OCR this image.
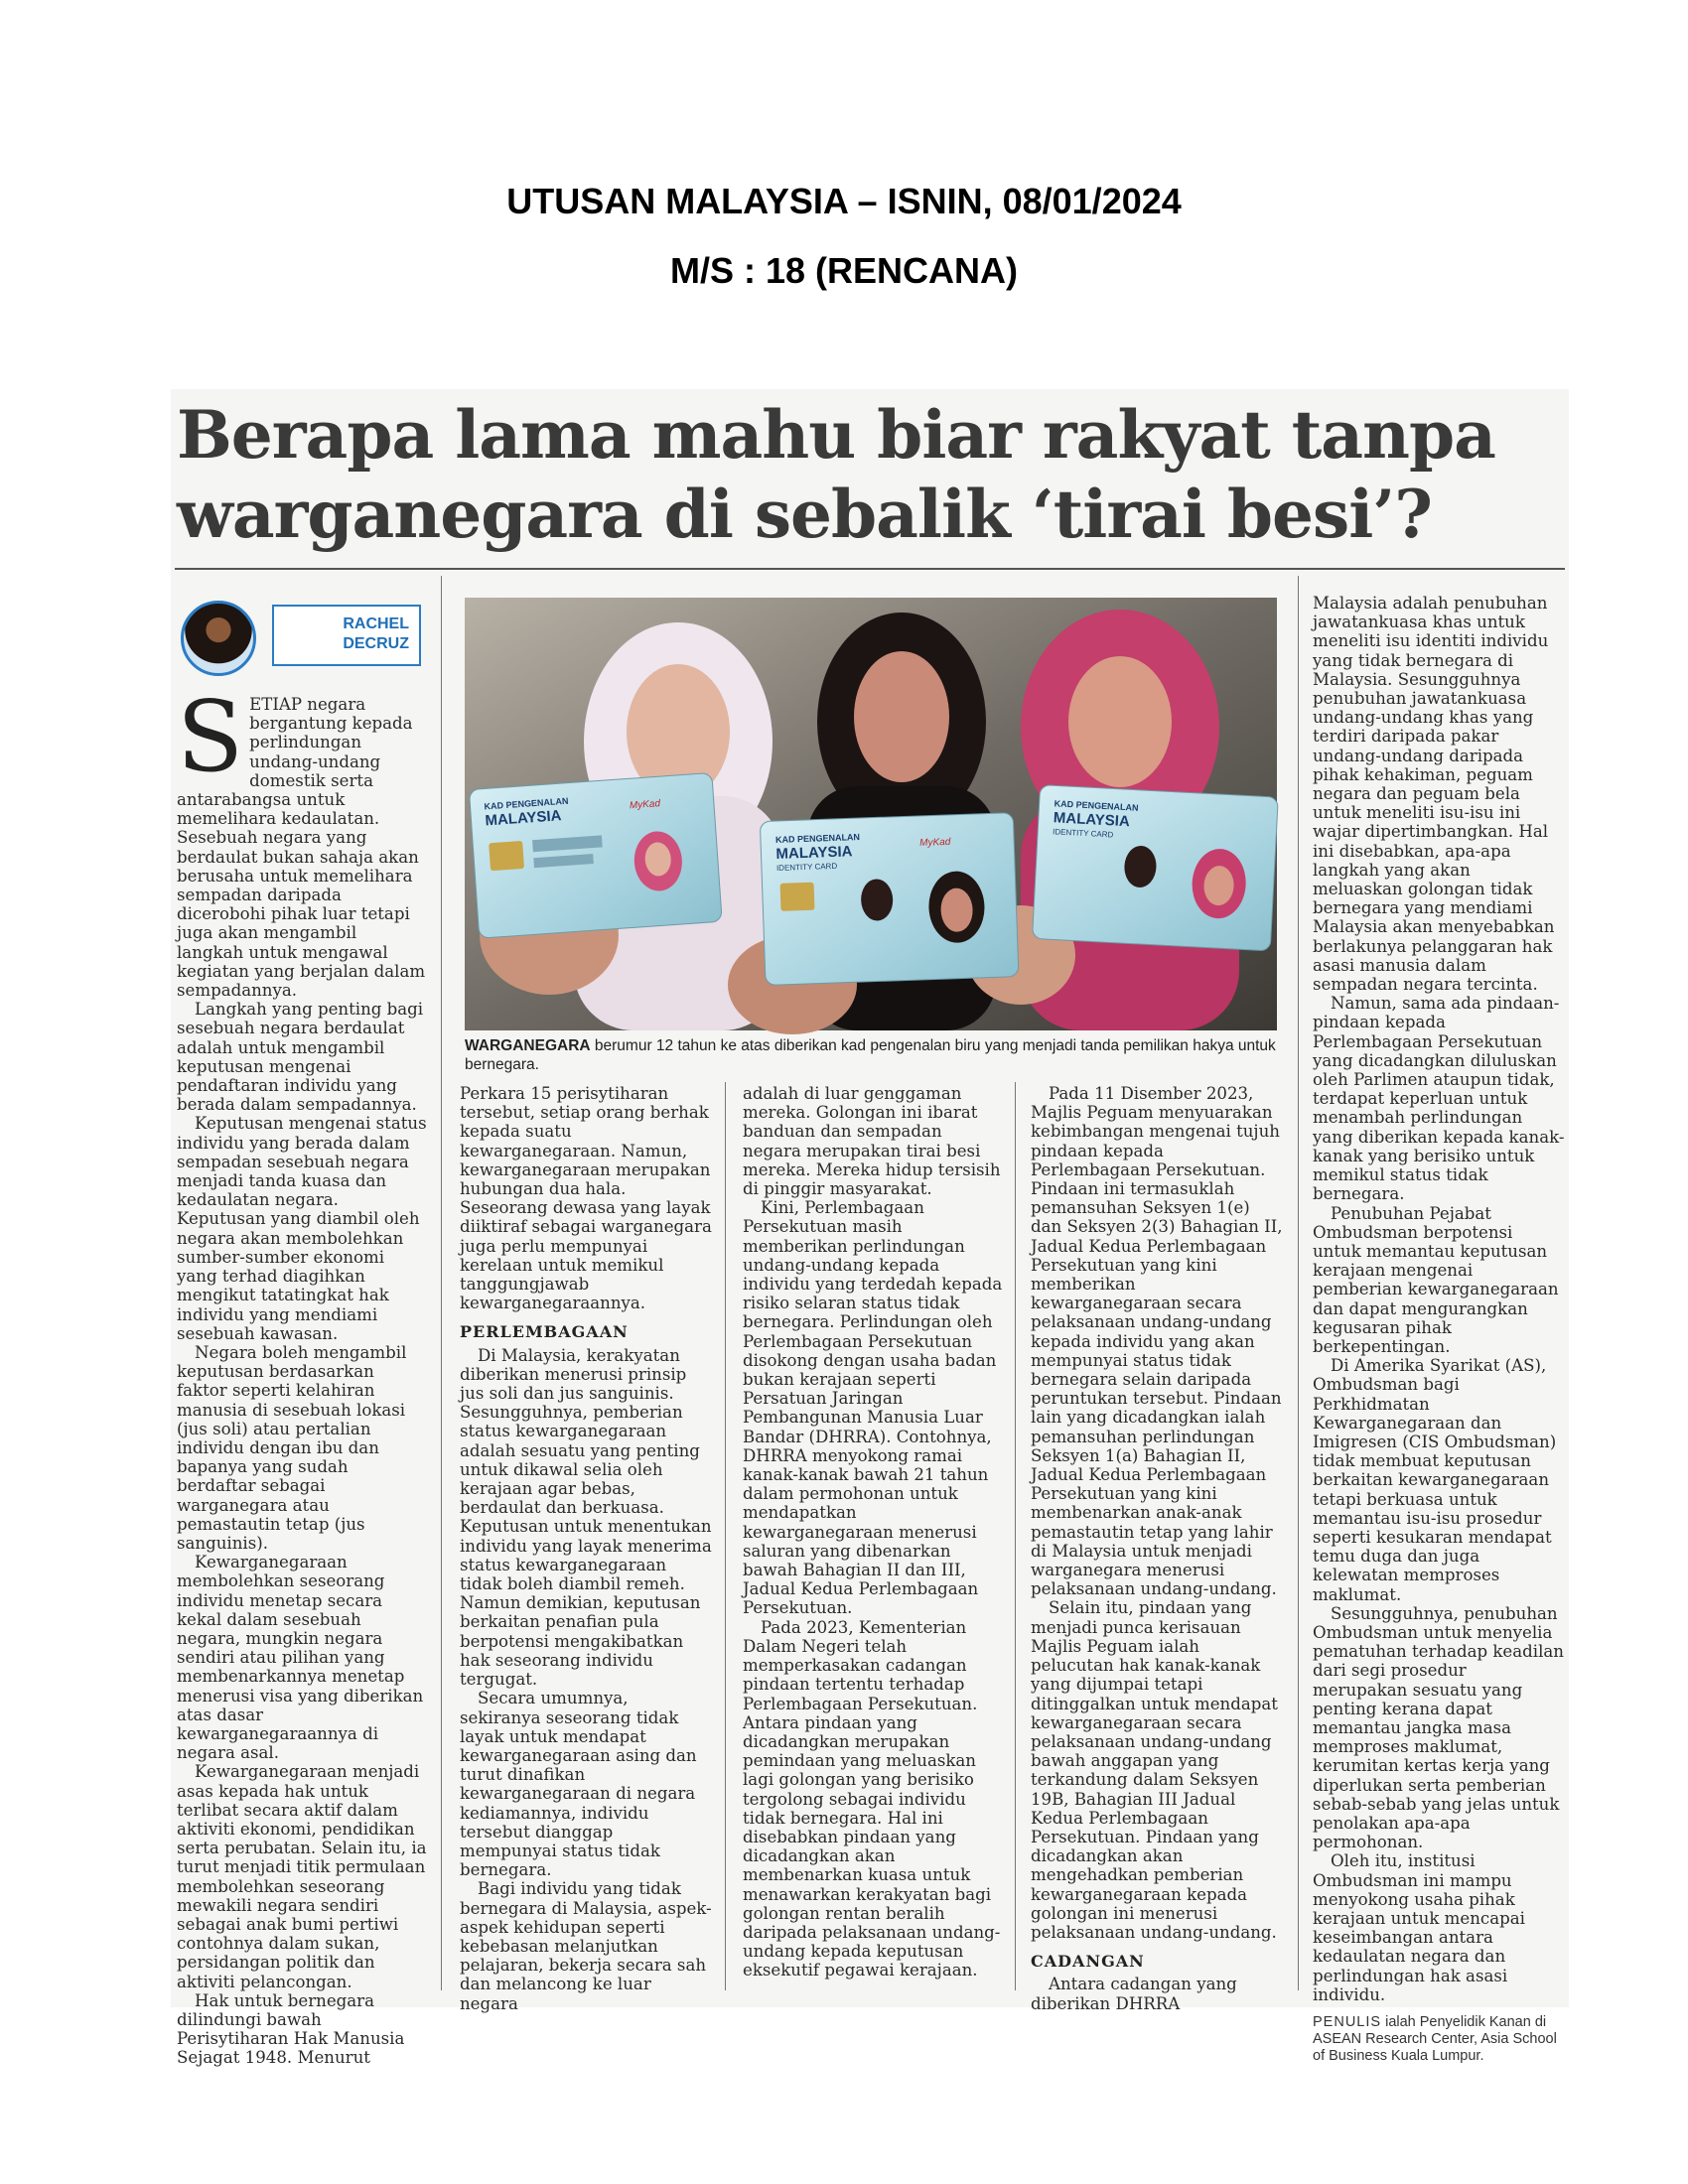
UTUSAN MALAYSIA – ISNIN, 08/01/2024
M/S : 18 (RENCANA)
Berapa lama mahu biar rakyat tanpa
warganegara di sebalik ‘tirai besi’?
RACHEL
DECRUZ
KAD PENGENALAN
MALAYSIA
MyKad
KAD PENGENALAN
MALAYSIA
IDENTITY CARD
MyKad
KAD PENGENALAN
MALAYSIA
IDENTITY CARD
WARGANEGARA berumur 12 tahun ke atas diberikan kad pengenalan biru yang menjadi tanda pemilikan hakya untuk bernegara.

SETIAP negara bergantung kepada perlindungan undang-undang domestik serta antarabangsa untuk memelihara kedaulatan. Sesebuah negara yang berdaulat bukan sahaja akan berusaha untuk memelihara sempadan daripada dicerobohi pihak luar tetapi juga akan mengambil langkah untuk mengawal kegiatan yang berjalan dalam sempadannya.

Langkah yang penting bagi sesebuah negara berdaulat adalah untuk mengambil keputusan mengenai pendaftaran individu yang berada dalam sempadannya.

Keputusan mengenai status individu yang berada dalam sempadan sesebuah negara menjadi tanda kuasa dan kedaulatan negara. Keputusan yang diambil oleh negara akan membolehkan sumber-sumber ekonomi yang terhad diagihkan mengikut tatatingkat hak individu yang mendiami sesebuah kawasan.

Negara boleh mengambil keputusan berdasarkan faktor seperti kelahiran manusia di sesebuah lokasi (jus soli) atau pertalian individu dengan ibu dan bapanya yang sudah berdaftar sebagai warganegara atau pemastautin tetap (jus sanguinis).

Kewarganegaraan membolehkan seseorang individu menetap secara kekal dalam sesebuah negara, mungkin negara sendiri atau pilihan yang membenarkannya menetap menerusi visa yang diberikan atas dasar kewarganegaraannya di negara asal.

Kewarganegaraan menjadi asas kepada hak untuk terlibat secara aktif dalam aktiviti ekonomi, pendidikan serta perubatan. Selain itu, ia turut menjadi titik permulaan membolehkan seseorang mewakili negara sendiri sebagai anak bumi pertiwi contohnya dalam sukan, persidangan politik dan aktiviti pelancongan.

Hak untuk bernegara dilindungi bawah Perisytiharan Hak Manusia Sejagat 1948. Menurut

Perkara 15 perisytiharan tersebut, setiap orang berhak kepada suatu kewarganegaraan. Namun, kewarganegaraan merupakan hubungan dua hala. Seseorang dewasa yang layak diiktiraf sebagai warganegara juga perlu mempunyai kerelaan untuk memikul tanggungjawab kewarganegaraannya.

PERLEMBAGAAN

Di Malaysia, kerakyatan diberikan menerusi prinsip jus soli dan jus sanguinis. Sesungguhnya, pemberian status kewarganegaraan adalah sesuatu yang penting untuk dikawal selia oleh kerajaan agar bebas, berdaulat dan berkuasa. Keputusan untuk menentukan individu yang layak menerima status kewarganegaraan tidak boleh diambil remeh. Namun demikian, keputusan berkaitan penafian pula berpotensi mengakibatkan hak seseorang individu tergugat.

Secara umumnya, sekiranya seseorang tidak layak untuk mendapat kewarganegaraan asing dan turut dinafikan kewarganegaraan di negara kediamannya, individu tersebut dianggap mempunyai status tidak bernegara.

Bagi individu yang tidak bernegara di Malaysia, aspek-aspek kehidupan seperti kebebasan melanjutkan pelajaran, bekerja secara sah dan melancong ke luar negara

adalah di luar genggaman mereka. Golongan ini ibarat banduan dan sempadan negara merupakan tirai besi mereka. Mereka hidup tersisih di pinggir masyarakat.

Kini, Perlembagaan Persekutuan masih memberikan perlindungan undang-undang kepada individu yang terdedah kepada risiko selaran status tidak bernegara. Perlindungan oleh Perlembagaan Persekutuan disokong dengan usaha badan bukan kerajaan seperti Persatuan Jaringan Pembangunan Manusia Luar Bandar (DHRRA). Contohnya, DHRRA menyokong ramai kanak-kanak bawah 21 tahun dalam permohonan untuk mendapatkan kewarganegaraan menerusi saluran yang dibenarkan bawah Bahagian II dan III, Jadual Kedua Perlembagaan Persekutuan.

Pada 2023, Kementerian Dalam Negeri telah memperkasakan cadangan pindaan tertentu terhadap Perlembagaan Persekutuan. Antara pindaan yang dicadangkan merupakan pemindaan yang meluaskan lagi golongan yang berisiko tergolong sebagai individu tidak bernegara. Hal ini disebabkan pindaan yang dicadangkan akan membenarkan kuasa untuk menawarkan kerakyatan bagi golongan rentan beralih daripada pelaksanaan undang-undang kepada keputusan eksekutif pegawai kerajaan.

Pada 11 Disember 2023, Majlis Peguam menyuarakan kebimbangan mengenai tujuh pindaan kepada Perlembagaan Persekutuan. Pindaan ini termasuklah pemansuhan Seksyen 1(e) dan Seksyen 2(3) Bahagian II, Jadual Kedua Perlembagaan Persekutuan yang kini memberikan kewarganegaraan secara pelaksanaan undang-undang kepada individu yang akan mempunyai status tidak bernegara selain daripada peruntukan tersebut. Pindaan lain yang dicadangkan ialah pemansuhan perlindungan Seksyen 1(a) Bahagian II, Jadual Kedua Perlembagaan Persekutuan yang kini membenarkan anak-anak pemastautin tetap yang lahir di Malaysia untuk menjadi warganegara menerusi pelaksanaan undang-undang.

Selain itu, pindaan yang menjadi punca kerisauan Majlis Peguam ialah pelucutan hak kanak-kanak yang dijumpai tetapi ditinggalkan untuk mendapat kewarganegaraan secara pelaksanaan undang-undang bawah anggapan yang terkandung dalam Seksyen 19B, Bahagian III Jadual Kedua Perlembagaan Persekutuan. Pindaan yang dicadangkan akan mengehadkan pemberian kewarganegaraan kepada golongan ini menerusi pelaksanaan undang-undang.

CADANGAN

Antara cadangan yang diberikan DHRRA

Malaysia adalah penubuhan jawatankuasa khas untuk meneliti isu identiti individu yang tidak bernegara di Malaysia. Sesungguhnya penubuhan jawatankuasa undang-undang khas yang terdiri daripada pakar undang-undang daripada pihak kehakiman, peguam negara dan peguam bela untuk meneliti isu-isu ini wajar dipertimbangkan. Hal ini disebabkan, apa-apa langkah yang akan meluaskan golongan tidak bernegara yang mendiami Malaysia akan menyebabkan berlakunya pelanggaran hak asasi manusia dalam sempadan negara tercinta.

Namun, sama ada pindaan-pindaan kepada Perlembagaan Persekutuan yang dicadangkan diluluskan oleh Parlimen ataupun tidak, terdapat keperluan untuk menambah perlindungan yang diberikan kepada kanak-kanak yang berisiko untuk memikul status tidak bernegara.

Penubuhan Pejabat Ombudsman berpotensi untuk memantau keputusan kerajaan mengenai pemberian kewarganegaraan dan dapat mengurangkan kegusaran pihak berkepentingan.

Di Amerika Syarikat (AS), Ombudsman bagi Perkhidmatan Kewarganegaraan dan Imigresen (CIS Ombudsman) tidak membuat keputusan berkaitan kewarganegaraan tetapi berkuasa untuk memantau isu-isu prosedur seperti kesukaran mendapat temu duga dan juga kelewatan memproses maklumat.

Sesungguhnya, penubuhan Ombudsman untuk menyelia pematuhan terhadap keadilan dari segi prosedur merupakan sesuatu yang penting kerana dapat memantau jangka masa memproses maklumat, kerumitan kertas kerja yang diperlukan serta pemberian sebab-sebab yang jelas untuk penolakan apa-apa permohonan.

Oleh itu, institusi Ombudsman ini mampu menyokong usaha pihak kerajaan untuk mencapai keseimbangan antara kedaulatan negara dan perlindungan hak asasi individu.

PENULIS ialah Penyelidik Kanan di ASEAN Research Center, Asia School of Business Kuala Lumpur.
